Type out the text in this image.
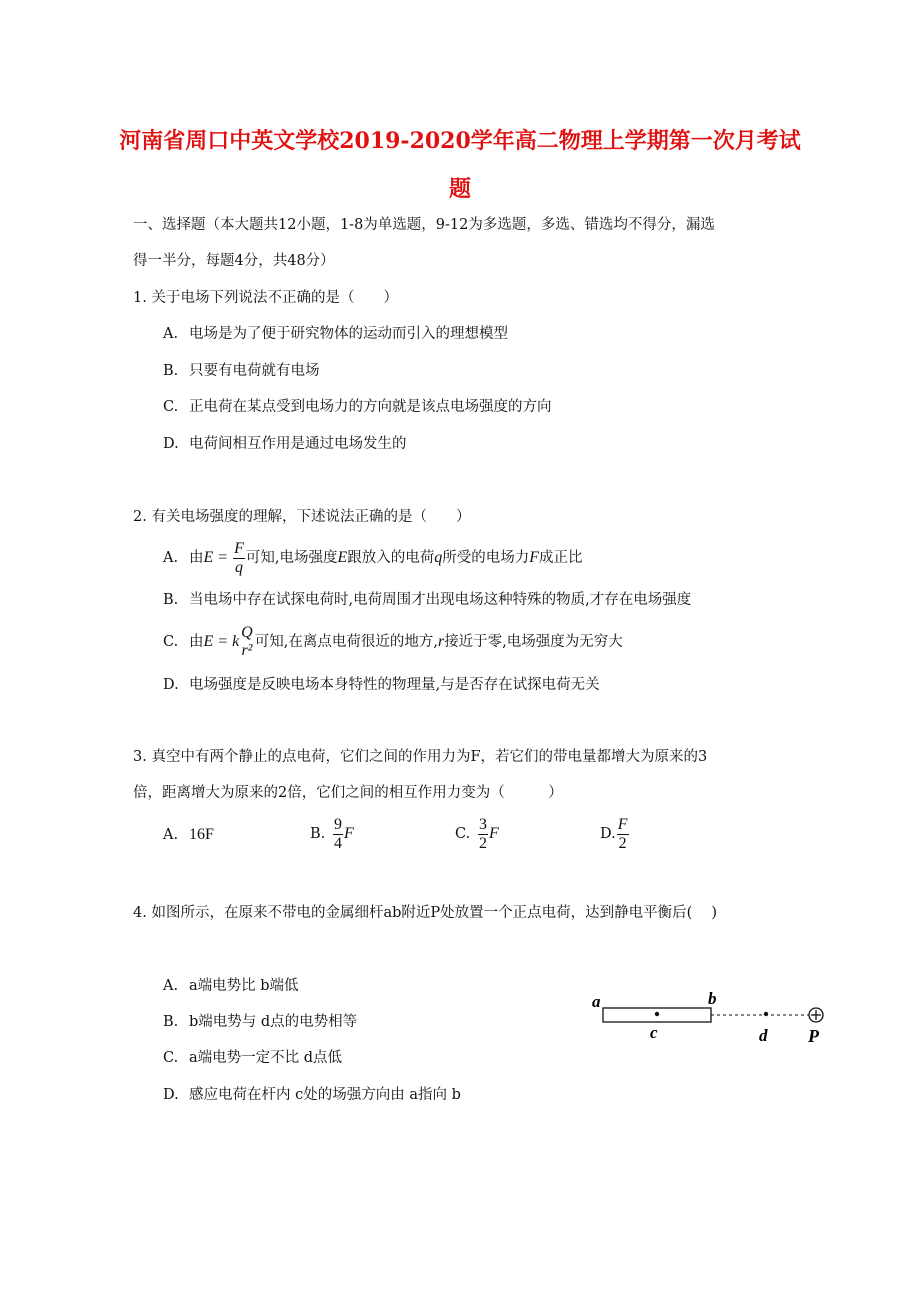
河南省周口中英文学校2019-2020学年高二物理上学期第一次月考试
题
一、选择题（本大题共12小题，1-8为单选题，9-12为多选题，多选、错选均不得分，漏选
得一半分，每题4分，共48分）
1. 关于电场下列说法不正确的是（　　）
A. 电场是为了便于研究物体的运动而引入的理想模型
B. 只要有电荷就有电场
C. 正电荷在某点受到电场力的方向就是该点电场强度的方向
D. 电荷间相互作用是通过电场发生的
2. 有关电场强度的理解，下述说法正确的是（　　）
A. 由$E = \frac{F}{q}$ 可知,电场强度E跟放入的电荷q所受的电场力F成正比
B. 当电场中存在试探电荷时,电荷周围才出现电场这种特殊的物质,才存在电场强度
C. 由E = k
Q
r² 可知,在离点电荷很近的地方,r接近于零,电场强度为无穷大
D. 电场强度是反映电场本身特性的物理量,与是否存在试探电荷无关
3. 真空中有两个静止的点电荷，它们之间的作用力为F，若它们的带电量都增大为原来的3
倍，距离增大为原来的2倍，它们之间的相互作用力变为（　　　）
A. 16F	B. $\frac{9}{4}$ F	C. $\frac{3}{2}$ F	D. $\frac{F}{2}$
4. 如图所示，在原来不带电的金属细杆ab附近P处放置一个正点电荷，达到静电平衡后(　 )
A. a端电势比 b端低
B. b端电势与 d点的电势相等
C. a端电势一定不比 d点低
D. 感应电荷在杆内 c处的场强方向由 a指向 b
a	b
c	d P
